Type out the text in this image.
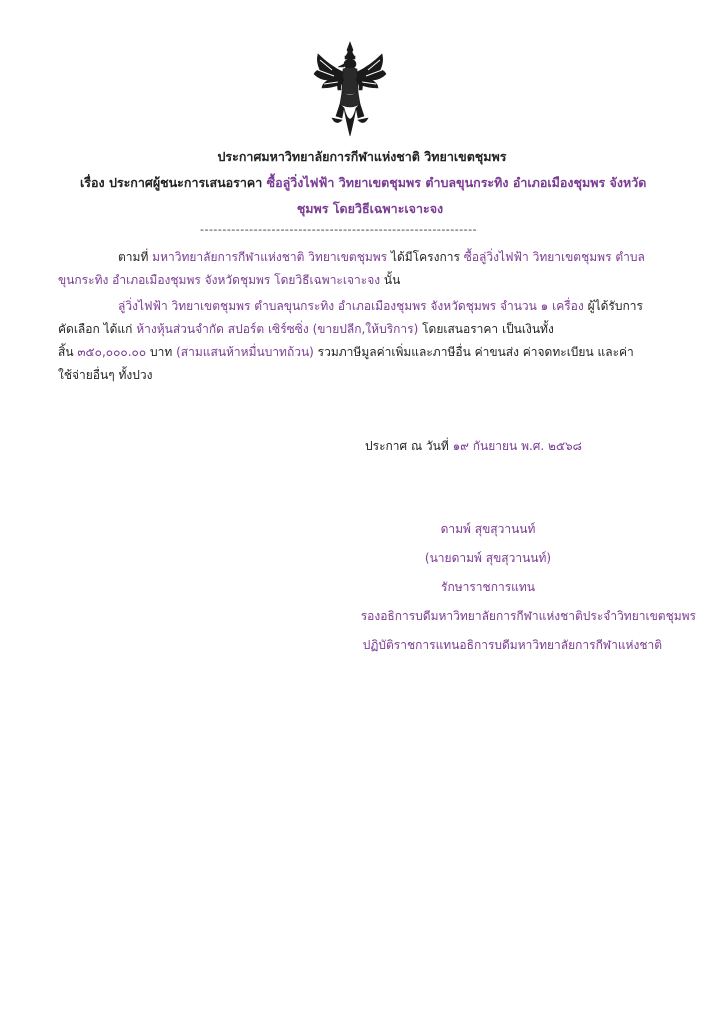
ประกาศมหาวิทยาลัยการกีฬาแห่งชาติ วิทยาเขตชุมพร
เรื่อง ประกาศผู้ชนะการเสนอราคา ซื้อลู่วิ่งไฟฟ้า วิทยาเขตชุมพร ตำบลขุนกระทิง อำเภอเมืองชุมพร จังหวัด
ชุมพร โดยวิธีเฉพาะเจาะจง
--------------------------------------------------------------
ตามที่ มหาวิทยาลัยการกีฬาแห่งชาติ วิทยาเขตชุมพร ได้มีโครงการ ซื้อลู่วิ่งไฟฟ้า วิทยาเขตชุมพร ตำบล
ขุนกระทิง อำเภอเมืองชุมพร จังหวัดชุมพร โดยวิธีเฉพาะเจาะจง นั้น
ลู่วิ่งไฟฟ้า วิทยาเขตชุมพร ตำบลขุนกระทิง อำเภอเมืองชุมพร จังหวัดชุมพร จำนวน ๑ เครื่อง ผู้ได้รับการ
คัดเลือก ได้แก่ ห้างหุ้นส่วนจำกัด สปอร์ต เซิร์ซซิ่ง (ขายปลีก,ให้บริการ) โดยเสนอราคา เป็นเงินทั้ง
สิ้น ๓๕๐,๐๐๐.๐๐ บาท (สามแสนห้าหมื่นบาทถ้วน) รวมภาษีมูลค่าเพิ่มและภาษีอื่น ค่าขนส่ง ค่าจดทะเบียน และค่า
ใช้จ่ายอื่นๆ ทั้งปวง
ประกาศ ณ วันที่ ๑๙ กันยายน พ.ศ. ๒๕๖๘
ดามพ์ สุขสุวานนท์
(นายดามพ์ สุขสุวานนท์)
รักษาราชการแทน
รองอธิการบดีมหาวิทยาลัยการกีฬาแห่งชาติประจำวิทยาเขตชุมพร
ปฏิบัติราชการแทนอธิการบดีมหาวิทยาลัยการกีฬาแห่งชาติ
